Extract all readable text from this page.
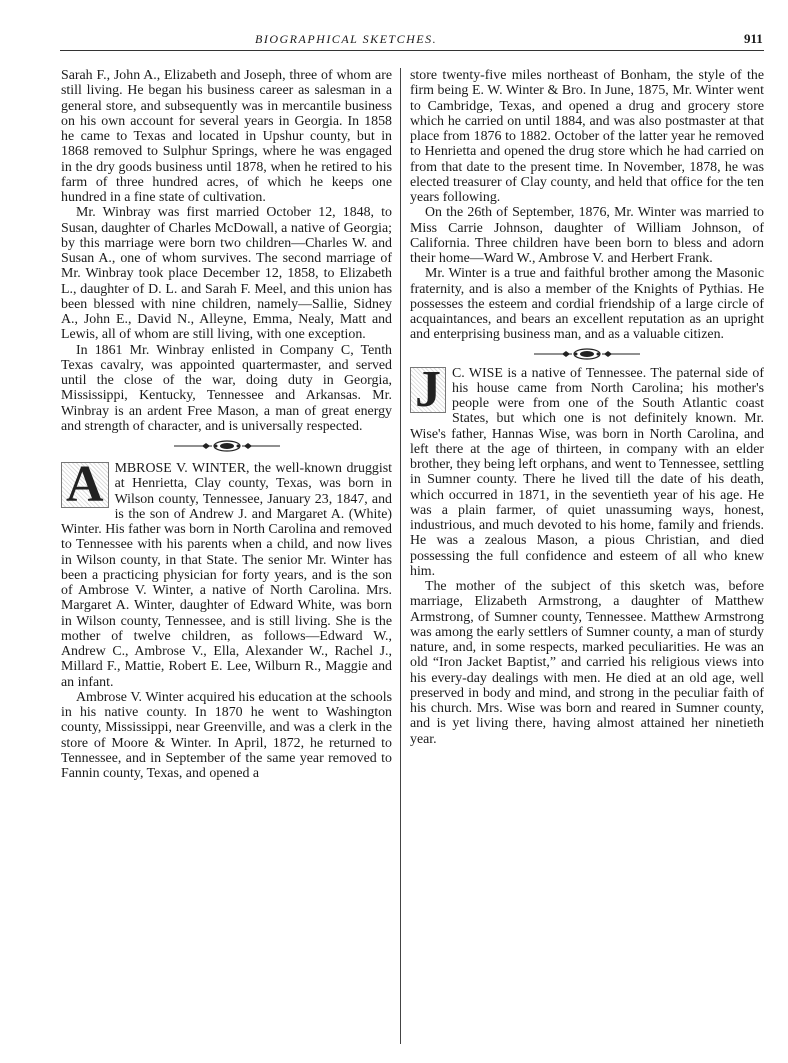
BIOGRAPHICAL SKETCHES.	911

Sarah F., John A., Elizabeth and Joseph, three of whom are still living. He began his business career as salesman in a general store, and subsequently was in mercantile business on his own account for several years in Georgia. In 1858 he came to Texas and located in Upshur county, but in 1868 removed to Sulphur Springs, where he was engaged in the dry goods business until 1878, when he retired to his farm of three hundred acres, of which he keeps one hundred in a fine state of cultivation.

Mr. Winbray was first married October 12, 1848, to Susan, daughter of Charles McDowall, a native of Georgia; by this marriage were born two children—Charles W. and Susan A., one of whom survives. The second marriage of Mr. Winbray took place December 12, 1858, to Elizabeth L., daughter of D. L. and Sarah F. Meel, and this union has been blessed with nine children, namely—Sallie, Sidney A., John E., David N., Alleyne, Emma, Nealy, Matt and Lewis, all of whom are still living, with one exception.

In 1861 Mr. Winbray enlisted in Company C, Tenth Texas cavalry, was appointed quartermaster, and served until the close of the war, doing duty in Georgia, Mississippi, Kentucky, Tennessee and Arkansas. Mr. Winbray is an ardent Free Mason, a man of great energy and strength of character, and is universally respected.

A MBROSE V. WINTER, the well-known druggist at Henrietta, Clay county, Texas, was born in Wilson county, Tennessee, January 23, 1847, and is the son of Andrew J. and Margaret A. (White) Winter. His father was born in North Carolina and removed to Tennessee with his parents when a child, and now lives in Wilson county, in that State. The senior Mr. Winter has been a practicing physician for forty years, and is the son of Ambrose V. Winter, a native of North Carolina. Mrs. Margaret A. Winter, daughter of Edward White, was born in Wilson county, Tennessee, and is still living. She is the mother of twelve children, as follows—Edward W., Andrew C., Ambrose V., Ella, Alexander W., Rachel J., Millard F., Mattie, Robert E. Lee, Wilburn R., Maggie and an infant.

Ambrose V. Winter acquired his education at the schools in his native county. In 1870 he went to Washington county, Mississippi, near Greenville, and was a clerk in the store of Moore & Winter. In April, 1872, he returned to Tennessee, and in September of the same year removed to Fannin county, Texas, and opened a

store twenty-five miles northeast of Bonham, the style of the firm being E. W. Winter & Bro. In June, 1875, Mr. Winter went to Cambridge, Texas, and opened a drug and grocery store which he carried on until 1884, and was also postmaster at that place from 1876 to 1882. October of the latter year he removed to Henrietta and opened the drug store which he had carried on from that date to the present time. In November, 1878, he was elected treasurer of Clay county, and held that office for the ten years following.

On the 26th of September, 1876, Mr. Winter was married to Miss Carrie Johnson, daughter of William Johnson, of California. Three children have been born to bless and adorn their home—Ward W., Ambrose V. and Herbert Frank.

Mr. Winter is a true and faithful brother among the Masonic fraternity, and is also a member of the Knights of Pythias. He possesses the esteem and cordial friendship of a large circle of acquaintances, and bears an excellent reputation as an upright and enterprising business man, and as a valuable citizen.

J C. WISE is a native of Tennessee. The paternal side of his house came from North Carolina; his mother's people were from one of the South Atlantic coast States, but which one is not definitely known. Mr. Wise's father, Hannas Wise, was born in North Carolina, and left there at the age of thirteen, in company with an elder brother, they being left orphans, and went to Tennessee, settling in Sumner county. There he lived till the date of his death, which occurred in 1871, in the seventieth year of his age. He was a plain farmer, of quiet unassuming ways, honest, industrious, and much devoted to his home, family and friends. He was a zealous Mason, a pious Christian, and died possessing the full confidence and esteem of all who knew him.

The mother of the subject of this sketch was, before marriage, Elizabeth Armstrong, a daughter of Matthew Armstrong, of Sumner county, Tennessee. Matthew Armstrong was among the early settlers of Sumner county, a man of sturdy nature, and, in some respects, marked peculiarities. He was an old “Iron Jacket Baptist,” and carried his religious views into his every-day dealings with men. He died at an old age, well preserved in body and mind, and strong in the peculiar faith of his church. Mrs. Wise was born and reared in Sumner county, and is yet living there, having almost attained her ninetieth year.
